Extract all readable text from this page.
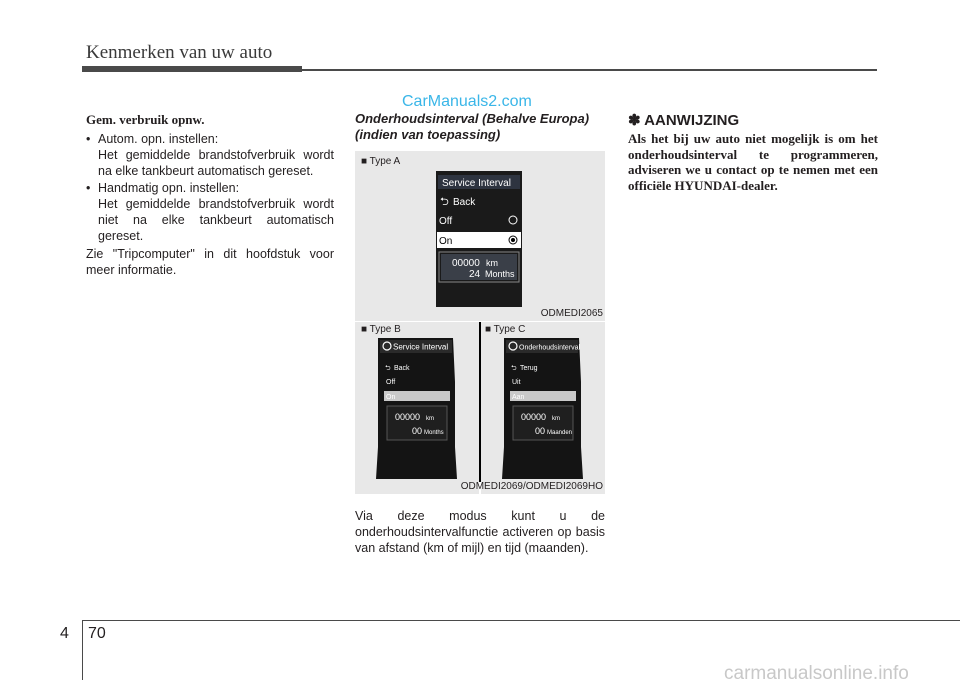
Kenmerken van uw auto
CarManuals2.com
Gem. verbruik opnw.
• Autom. opn. instellen:
Het gemiddelde brandstofverbruik wordt na elke tankbeurt automatisch gereset.
• Handmatig opn. instellen:
Het gemiddelde brandstofverbruik wordt niet na elke tankbeurt automatisch gereset.
Zie "Tripcomputer" in dit hoofdstuk voor meer informatie.
Onderhoudsinterval (Behalve Europa) (indien van toepassing)
■ Type A
Service Interval
⮌ Back
Off
On
00000 km
24 Months
ODMEDI2065
■ Type B
Service Interval
⮌ Back
Off
On
00000 km
00 Months
■ Type C
Onderhoudsinterval
⮌ Terug
Uit
Aan
00000 km
00 Maanden
ODMEDI2069/ODMEDI2069HO
Via deze modus kunt u de onderhoudsintervalfunctie activeren op basis van afstand (km of mijl) en tijd (maanden).
✽ AANWIJZING
Als het bij uw auto niet mogelijk is om het onderhoudsinterval te programmeren, adviseren we u contact op te nemen met een officiële HYUNDAI-dealer.
4 70
carmanualsonline.info
